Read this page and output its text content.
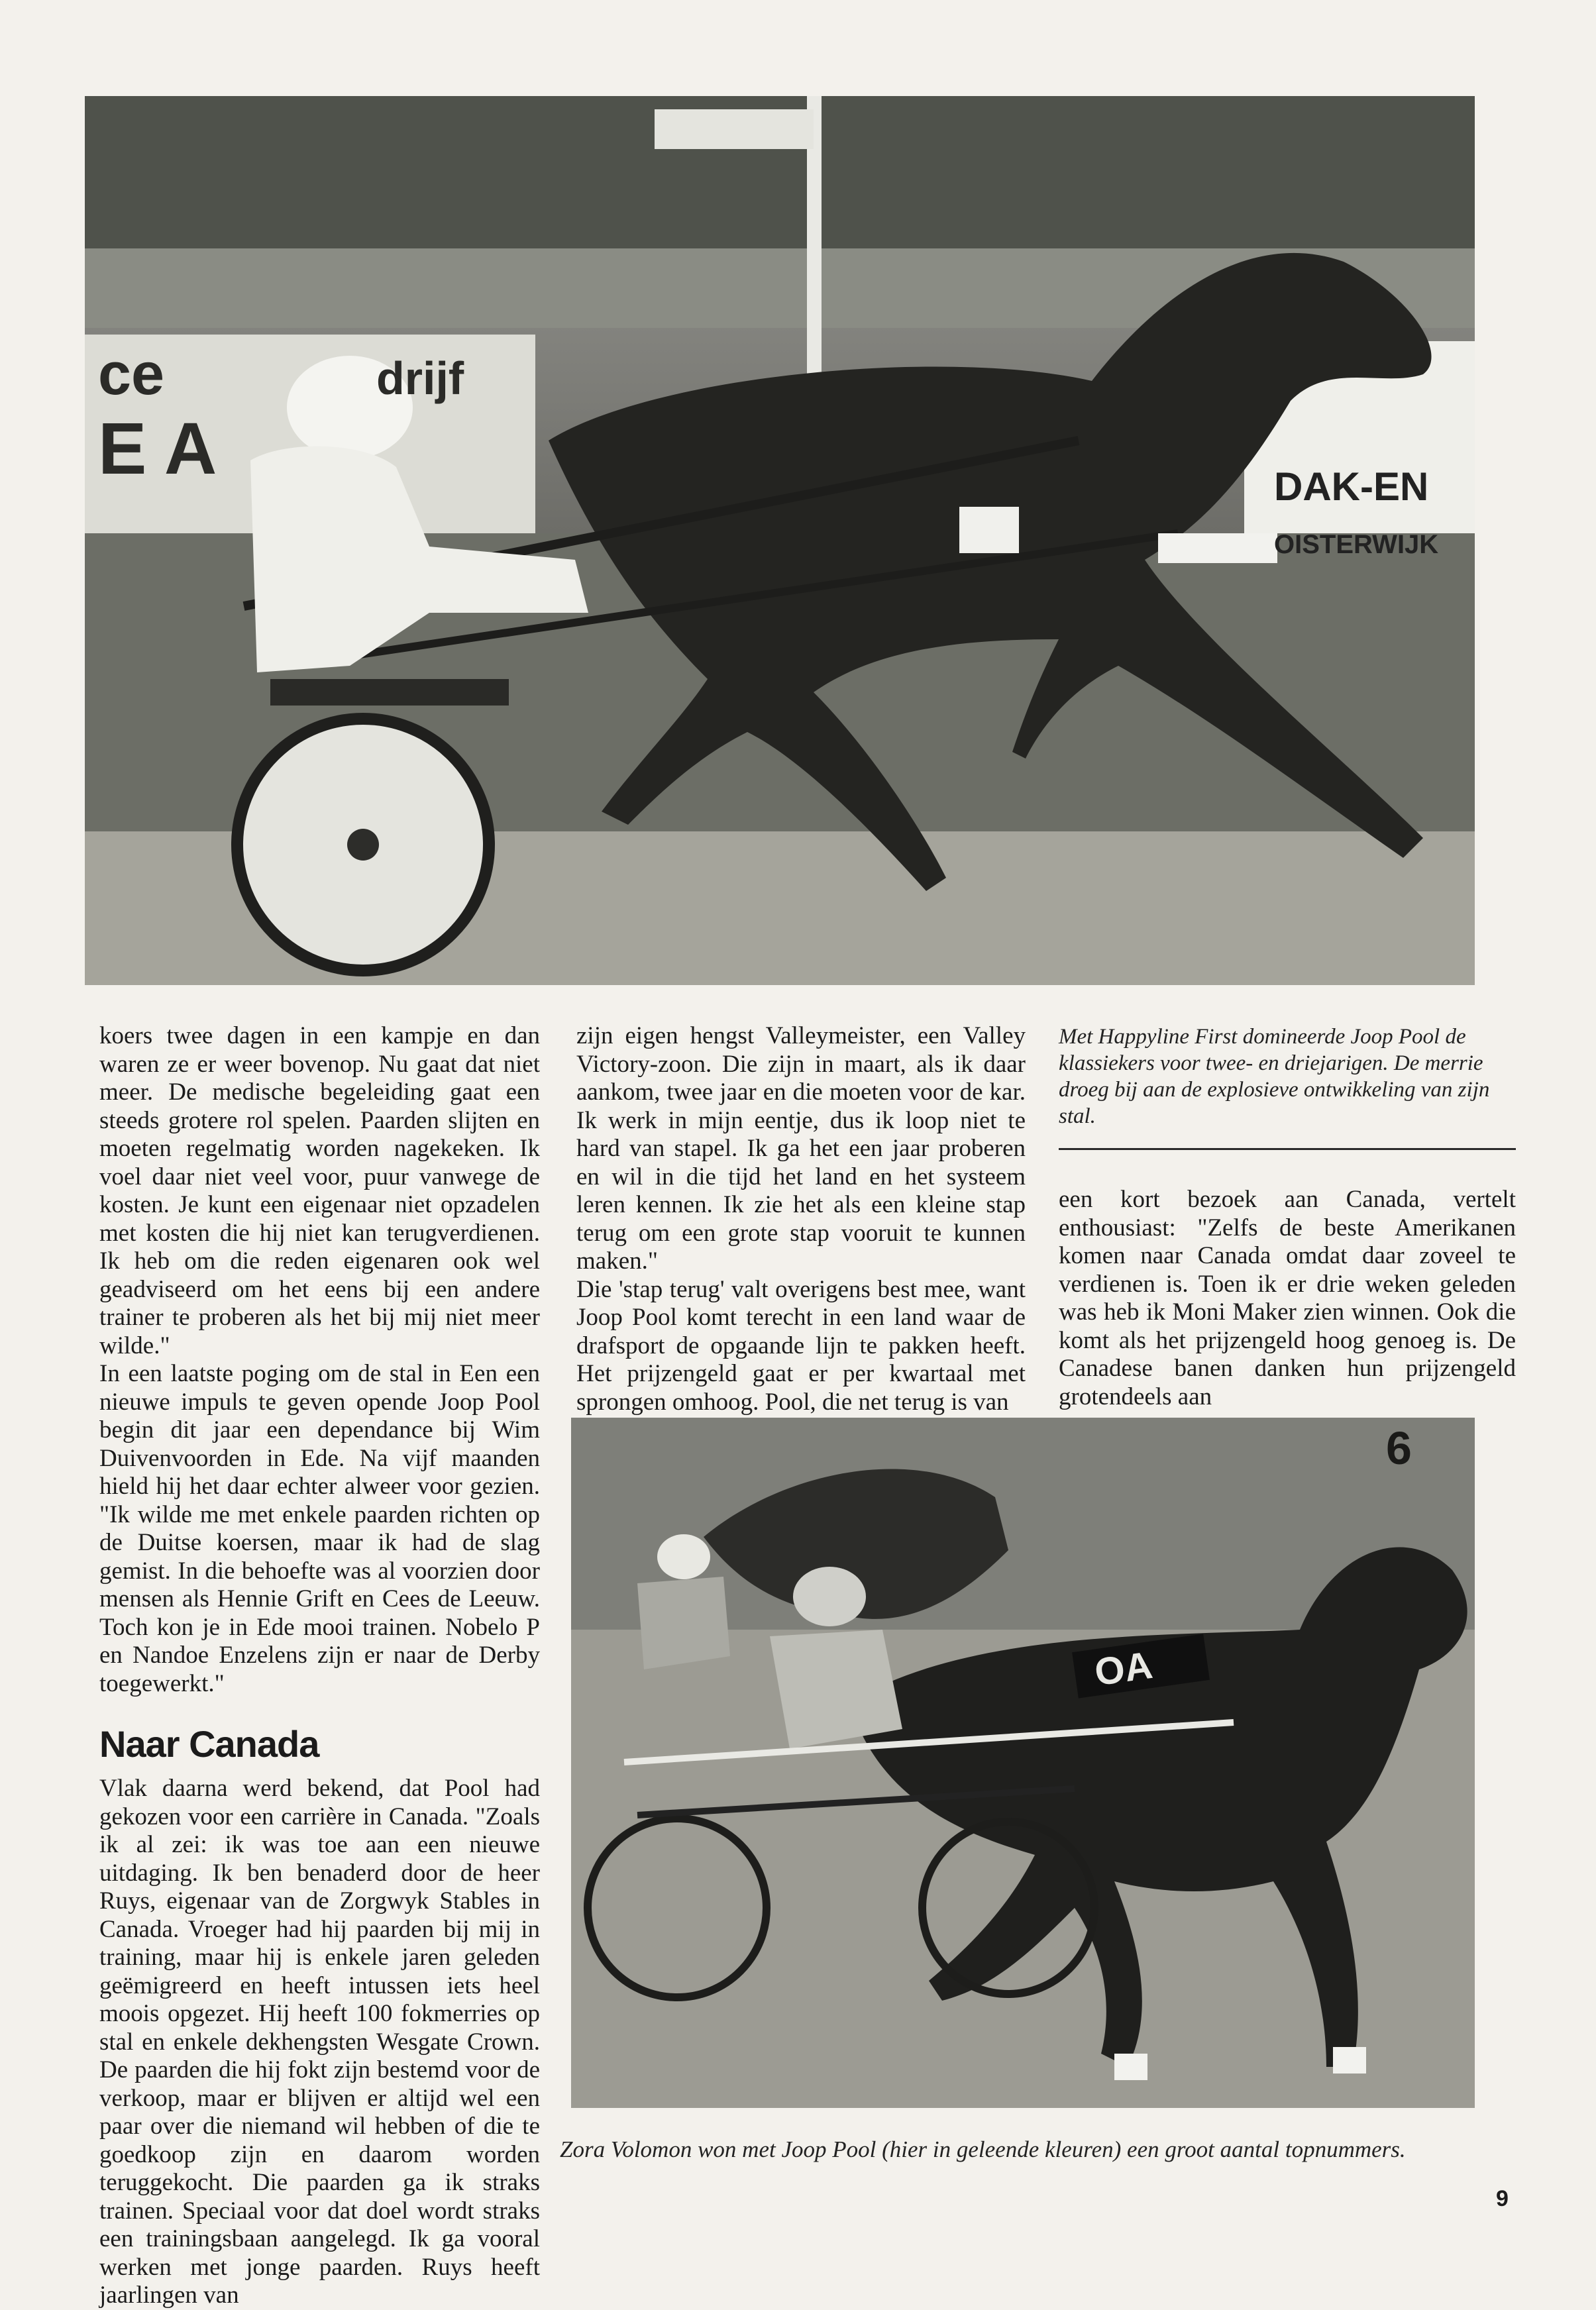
ce	drijf
E A	DAK-EN
OISTERWIJK

koers twee dagen in een kampje en dan waren ze er weer bovenop. Nu gaat dat niet meer. De medische begeleiding gaat een steeds grotere rol spelen. Paarden slijten en moeten regelmatig worden nagekeken. Ik voel daar niet veel voor, puur vanwege de kosten. Je kunt een eigenaar niet opzadelen met kosten die hij niet kan terugverdienen. Ik heb om die reden eigenaren ook wel geadviseerd om het eens bij een andere trainer te proberen als het bij mij niet meer wilde."

In een laatste poging om de stal in Een een nieuwe impuls te geven opende Joop Pool begin dit jaar een dependance bij Wim Duivenvoorden in Ede. Na vijf maanden hield hij het daar echter alweer voor gezien. "Ik wilde me met enkele paarden richten op de Duitse koersen, maar ik had de slag gemist. In die behoefte was al voorzien door mensen als Hennie Grift en Cees de Leeuw. Toch kon je in Ede mooi trainen. Nobelo P en Nandoe Enzelens zijn er naar de Derby toegewerkt."

Naar Canada

Vlak daarna werd bekend, dat Pool had gekozen voor een carrière in Canada. "Zoals ik al zei: ik was toe aan een nieuwe uitdaging. Ik ben benaderd door de heer Ruys, eigenaar van de Zorgwyk Stables in Canada. Vroeger had hij paarden bij mij in training, maar hij is enkele jaren geleden geëmigreerd en heeft intussen iets heel moois opgezet. Hij heeft 100 fokmerries op stal en enkele dekhengsten Wesgate Crown. De paarden die hij fokt zijn bestemd voor de verkoop, maar er blijven er altijd wel een paar over die niemand wil hebben of die te goedkoop zijn en daarom worden teruggekocht. Die paarden ga ik straks trainen. Speciaal voor dat doel wordt straks een trainingsbaan aangelegd. Ik ga vooral werken met jonge paarden. Ruys heeft jaarlingen van

zijn eigen hengst Valleymeister, een Valley Victory-zoon. Die zijn in maart, als ik daar aankom, twee jaar en die moeten voor de kar. Ik werk in mijn eentje, dus ik loop niet te hard van stapel. Ik ga het een jaar proberen en wil in die tijd het land en het systeem leren kennen. Ik zie het als een kleine stap terug om een grote stap vooruit te kunnen maken."

Die 'stap terug' valt overigens best mee, want Joop Pool komt terecht in een land waar de drafsport de opgaande lijn te pakken heeft. Het prijzengeld gaat er per kwartaal met sprongen omhoog. Pool, die net terug is van

Met Happyline First domineerde Joop Pool de klassiekers voor twee- en driejarigen. De merrie droeg bij aan de explosieve ontwikkeling van zijn stal.

een kort bezoek aan Canada, vertelt enthousiast: "Zelfs de beste Amerikanen komen naar Canada omdat daar zoveel te verdienen is. Toen ik er drie weken geleden was heb ik Moni Maker zien winnen. Ook die komt als het prijzengeld hoog genoeg is. De Canadese banen danken hun prijzengeld grotendeels aan

OA
6
Zora Volomon won met Joop Pool (hier in geleende kleuren) een groot aantal topnummers.
9
